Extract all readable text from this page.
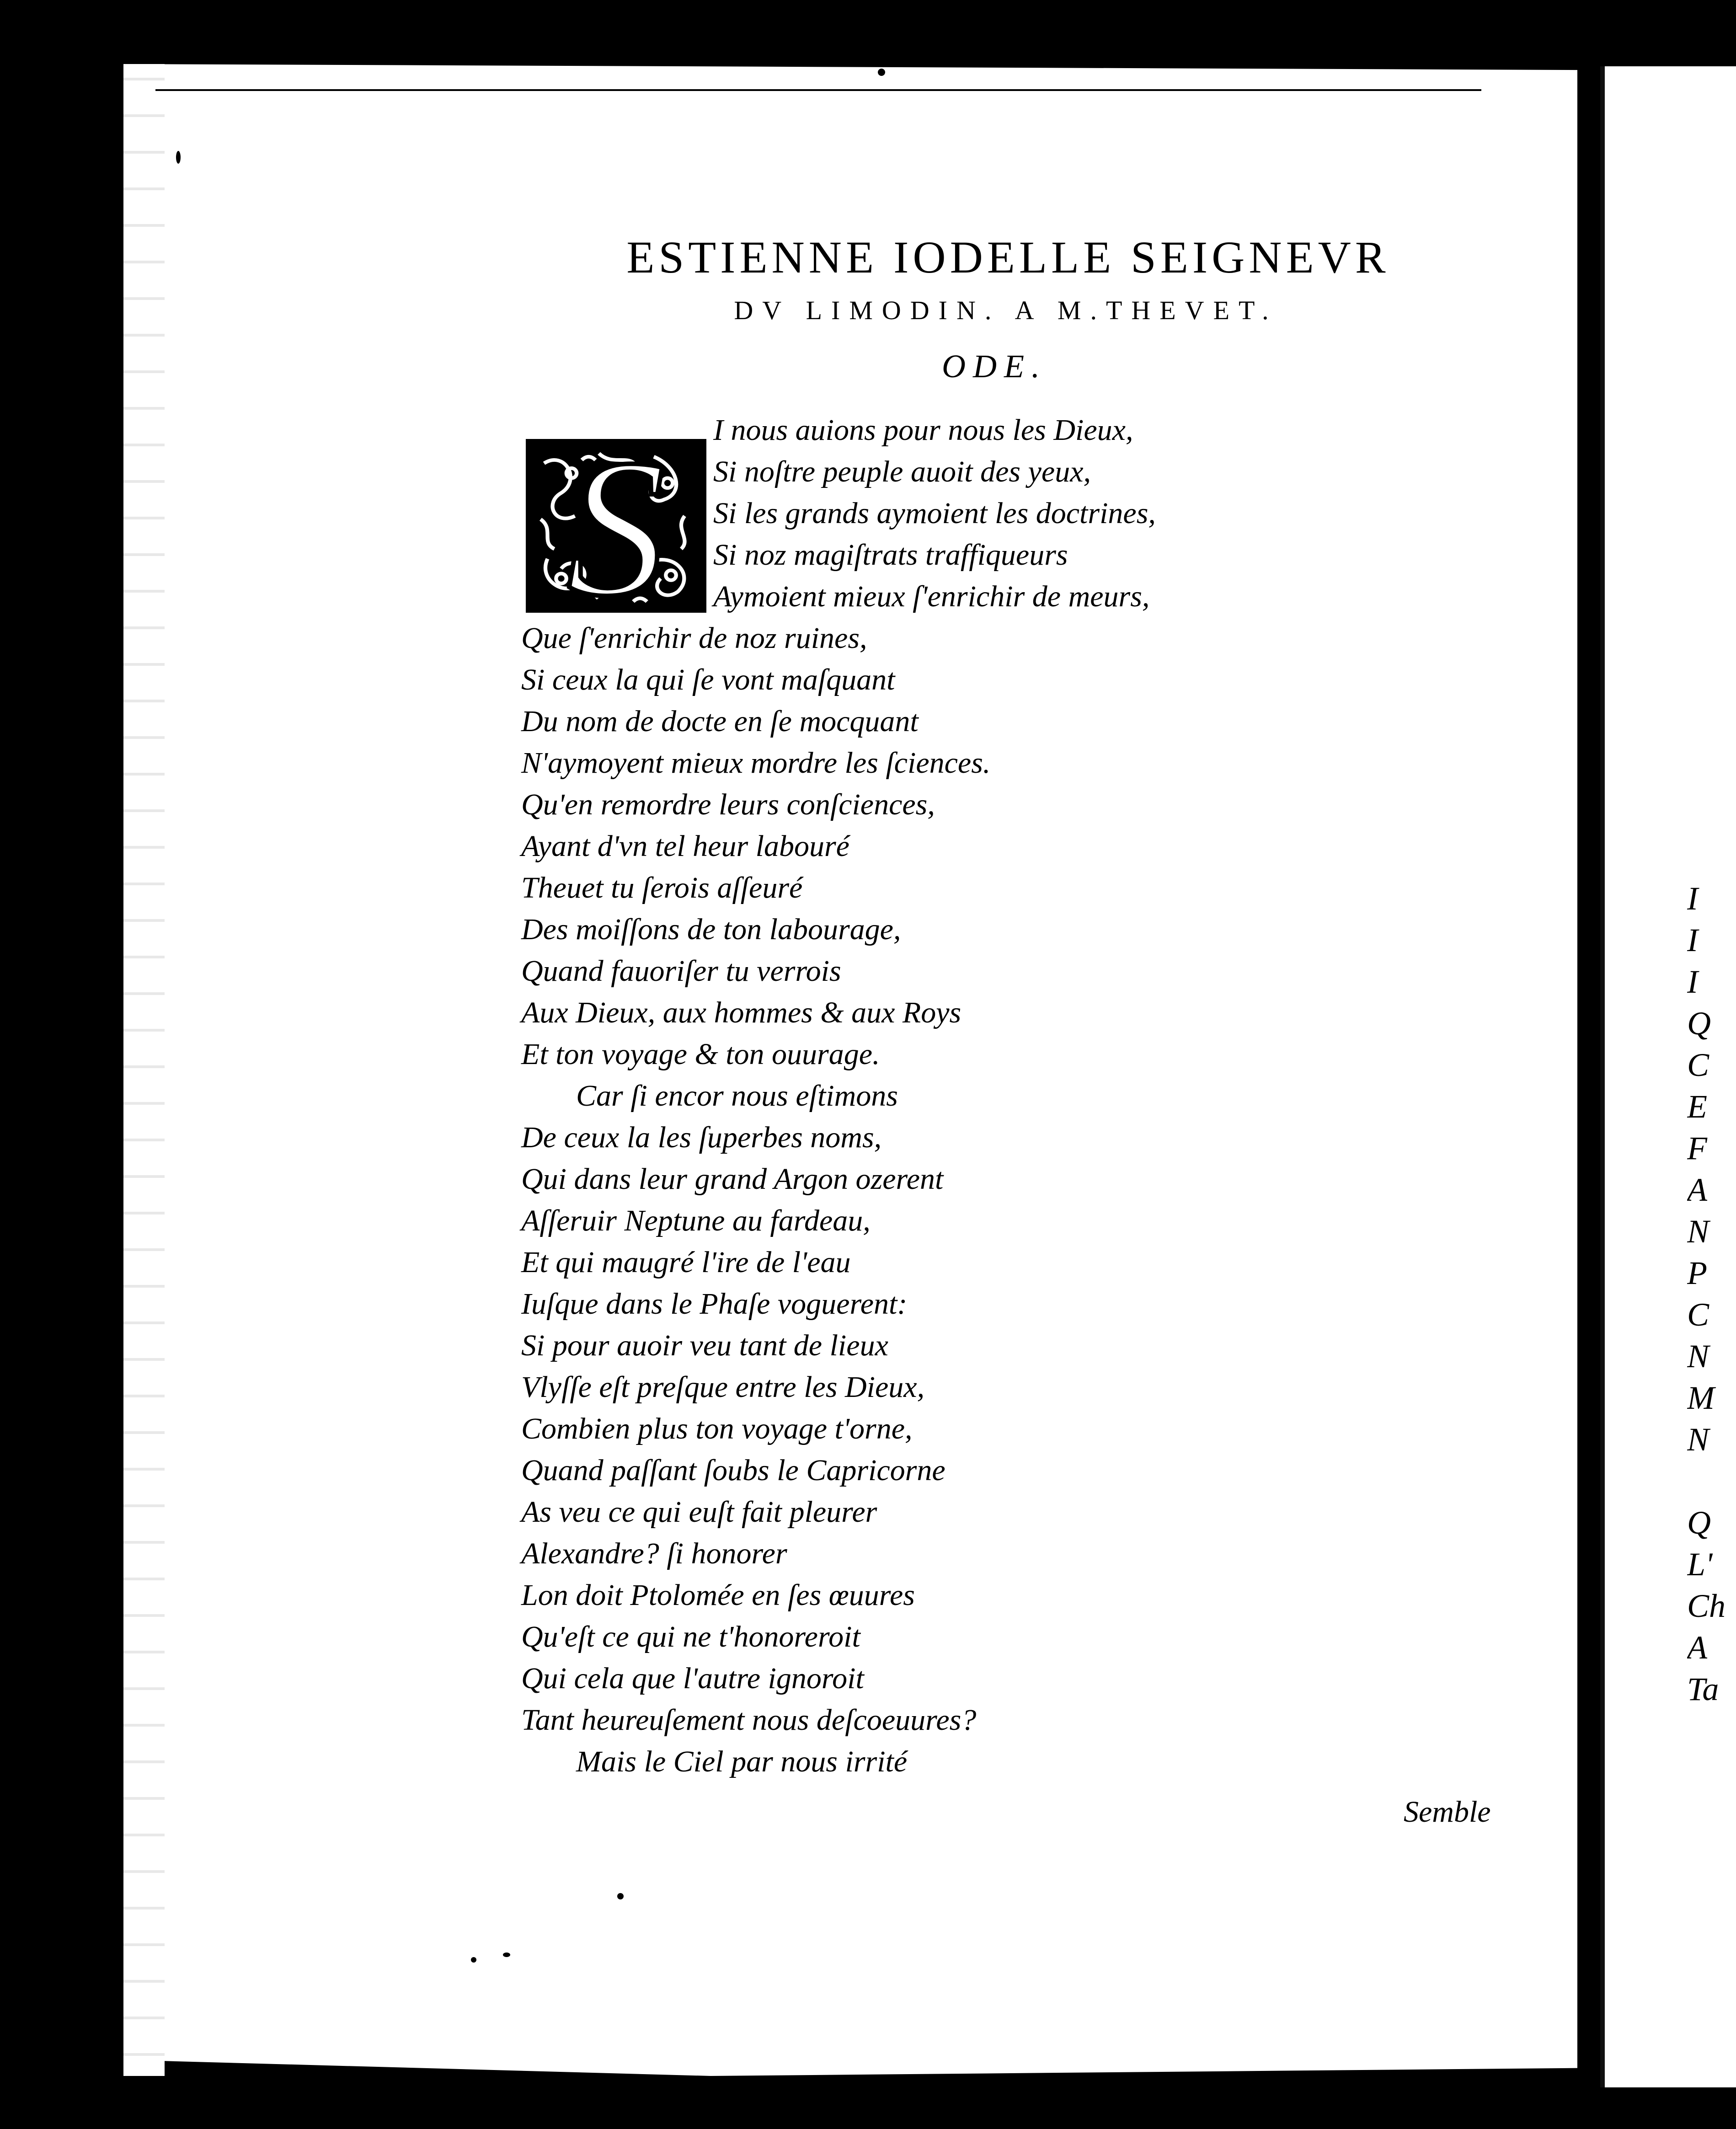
I
I
I
Q
C
E
F
A
N
P
C
N
M
N
Q
L'
Ch
A
Ta
ESTIENNE IODELLE SEIGNEVR
DV LIMODIN. A M.THEVET.
ODE.
S	I nous auions pour nous les Dieux,
Si noſtre peuple auoit des yeux,
Si les grands aymoient les doctrines,
Si noz magiſtrats traffiqueurs
Aymoient mieux ſ'enrichir de meurs,
Que ſ'enrichir de noz ruines,
Si ceux la qui ſe vont maſquant
Du nom de docte en ſe mocquant
N'aymoyent mieux mordre les ſciences.
Qu'en remordre leurs conſciences,
Ayant d'vn tel heur labouré
Theuet tu ſerois aſſeuré
Des moiſſons de ton labourage,
Quand fauoriſer tu verrois
Aux Dieux, aux hommes & aux Roys
Et ton voyage & ton ouurage.
Car ſi encor nous eſtimons
De ceux la les ſuperbes noms,
Qui dans leur grand Argon ozerent
Aſſeruir Neptune au fardeau,
Et qui maugré l'ire de l'eau
Iuſque dans le Phaſe voguerent:
Si pour auoir veu tant de lieux
Vlyſſe eſt preſque entre les Dieux,
Combien plus ton voyage t'orne,
Quand paſſant ſoubs le Capricorne
As veu ce qui euſt fait pleurer
Alexandre? ſi honorer
Lon doit Ptolomée en ſes œuures
Qu'eſt ce qui ne t'honoreroit
Qui cela que l'autre ignoroit
Tant heureuſement nous deſcoeuures?
Mais le Ciel par nous irrité
Semble
